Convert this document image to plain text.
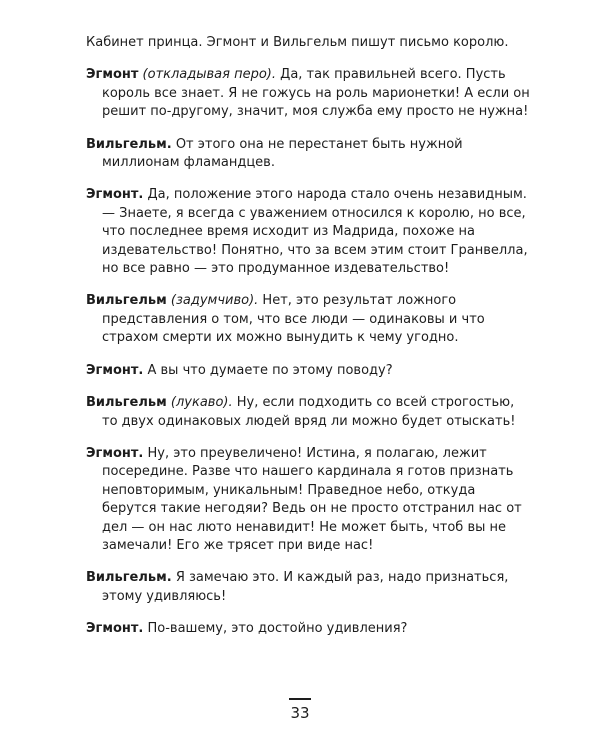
Кабинет принца. Эгмонт и Вильгельм пишут письмо королю.

Эгмонт (откладывая перо). Да, так правильней всего. Пусть король все знает. Я не гожусь на роль марионетки! А если он решит по-другому, значит, моя служба ему просто не нужна!

Вильгельм. От этого она не перестанет быть нужной миллионам фламандцев.

Эгмонт. Да, положение этого народа стало очень незавидным. — Знаете, я всегда с уважением относился к королю, но все, что последнее время исходит из Мадрида, похоже на издевательство! Понятно, что за всем этим стоит Гранвелла, но все равно — это продуманное издевательство!

Вильгельм (задумчиво). Нет, это результат ложного представления о том, что все люди — одинаковы и что страхом смерти их можно вынудить к чему угодно.

Эгмонт. А вы что думаете по этому поводу?

Вильгельм (лукаво). Ну, если подходить со всей строгостью, то двух одинаковых людей вряд ли можно будет отыскать!

Эгмонт. Ну, это преувеличено! Истина, я полагаю, лежит посередине. Разве что нашего кардинала я готов признать неповторимым, уникальным! Праведное небо, откуда берутся такие негодяи? Ведь он не просто отстранил нас от дел — он нас люто ненавидит! Не может быть, чтоб вы не замечали! Его же трясет при виде нас!

Вильгельм. Я замечаю это. И каждый раз, надо признаться, этому удивляюсь!

Эгмонт. По-вашему, это достойно удивления?

33
